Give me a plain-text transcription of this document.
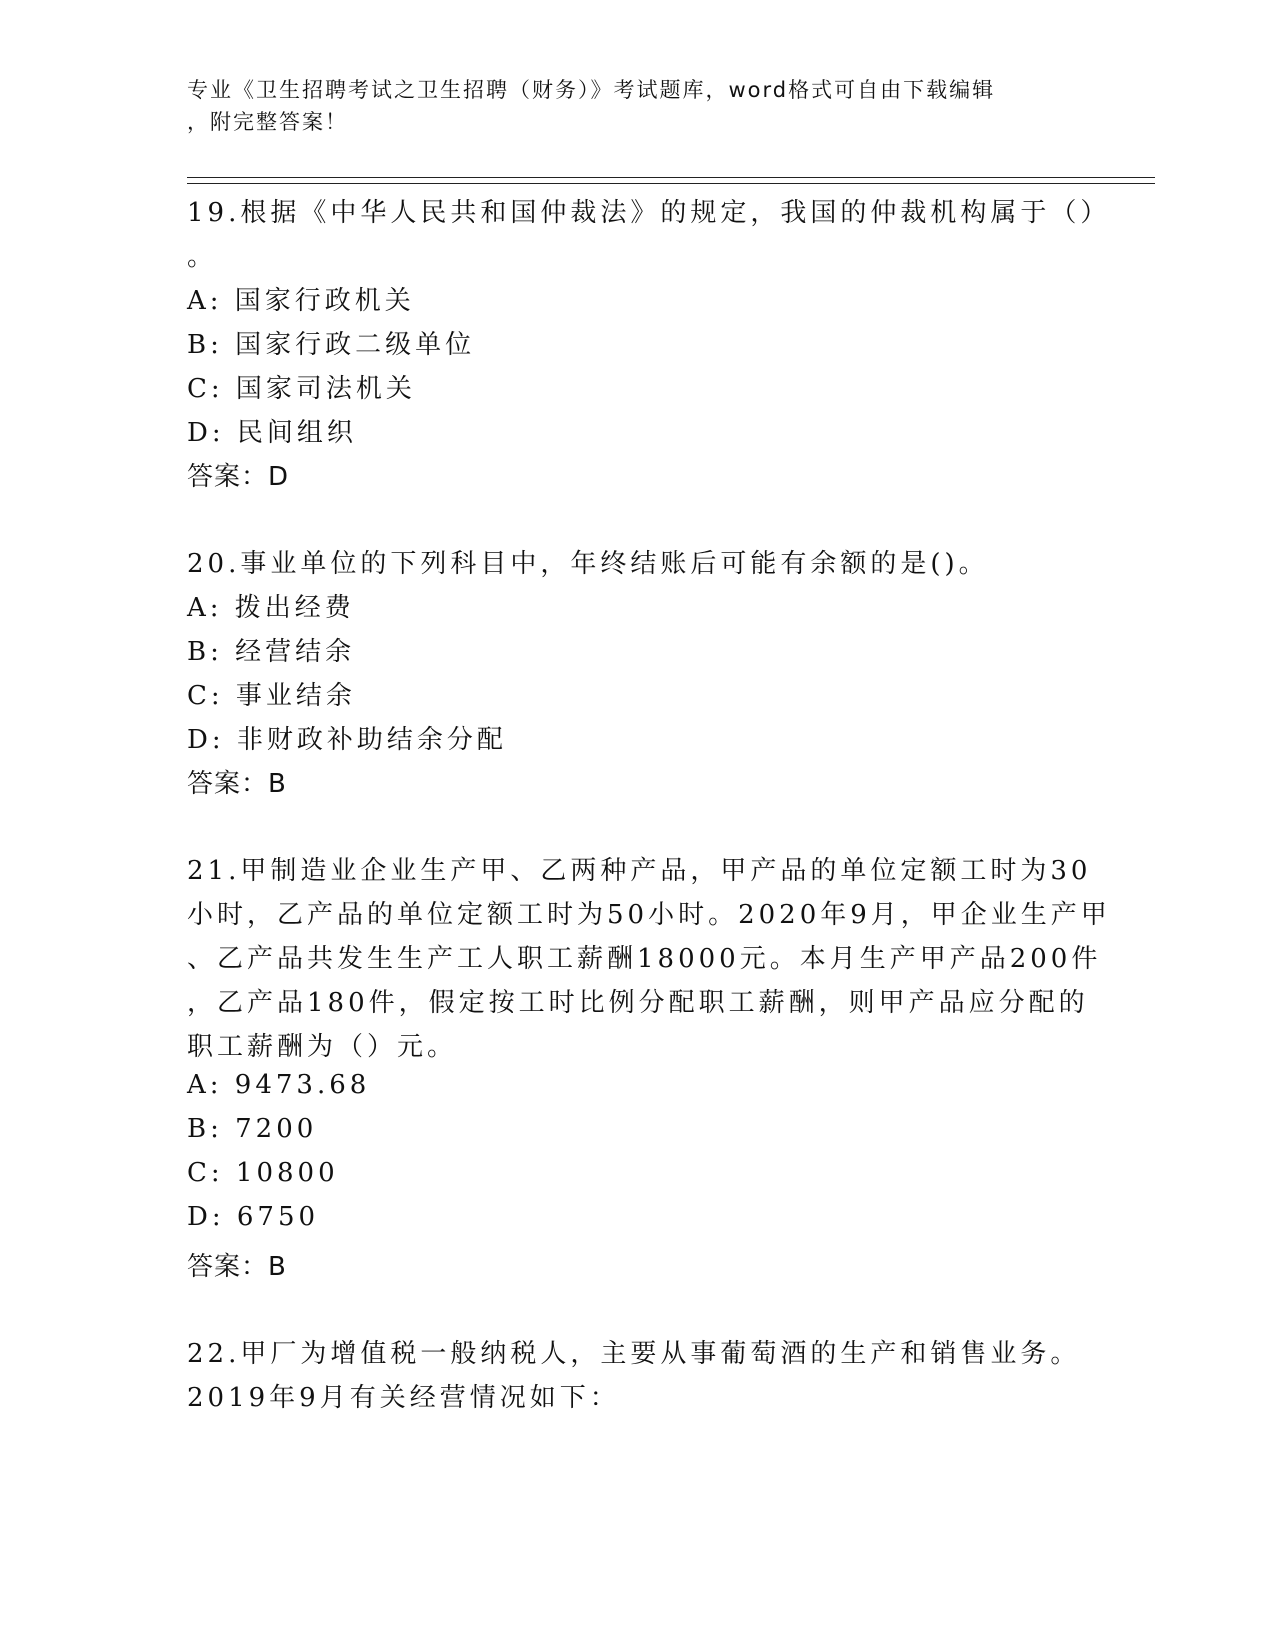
专业《卫生招聘考试之卫生招聘（财务）》考试题库，word格式可自由下载编辑
，附完整答案！
19.根据《中华人民共和国仲裁法》的规定，我国的仲裁机构属于（）
。
A: 国家行政机关
B: 国家行政二级单位
C: 国家司法机关
D: 民间组织
答案：D
20.事业单位的下列科目中，年终结账后可能有余额的是()。
A: 拨出经费
B: 经营结余
C: 事业结余
D: 非财政补助结余分配
答案：B
21.甲制造业企业生产甲、乙两种产品，甲产品的单位定额工时为30
小时，乙产品的单位定额工时为50小时。2020年9月，甲企业生产甲
、乙产品共发生生产工人职工薪酬18000元。本月生产甲产品200件
，乙产品180件，假定按工时比例分配职工薪酬，则甲产品应分配的
职工薪酬为（）元。
A: 9473.68
B: 7200
C: 10800
D: 6750
答案：B
22.甲厂为增值税一般纳税人，主要从事葡萄酒的生产和销售业务。
2019年9月有关经营情况如下：
